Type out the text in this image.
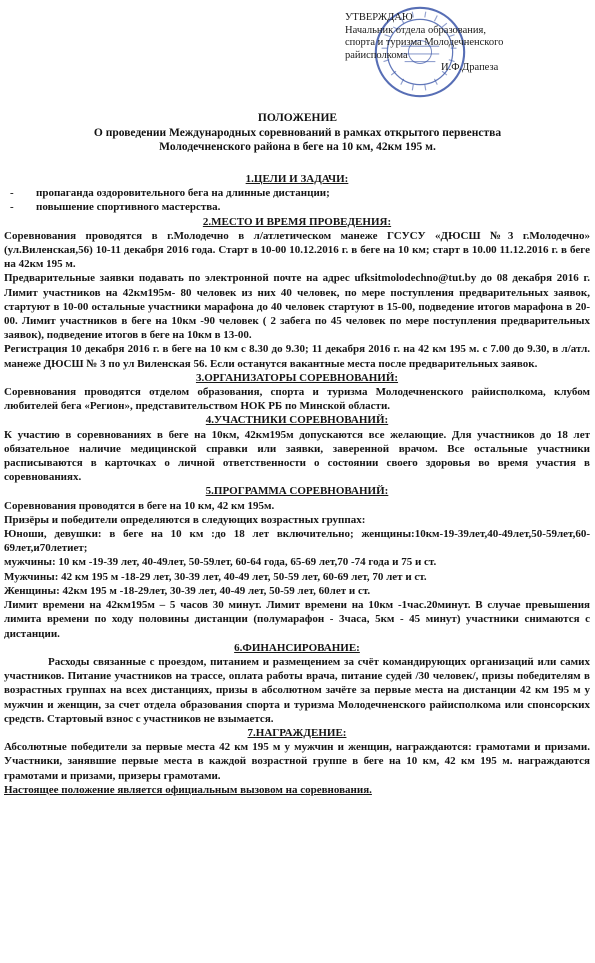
УТВЕРЖДАЮ
Начальник отдела образования,
спорта и туризма Молодечненского
райисполкома
И.Ф.Драпеза
ПОЛОЖЕНИЕ
О проведении Международных соревнований в рамках открытого первенства
Молодечненского района в беге на 10 км, 42км 195 м.
1.ЦЕЛИ И ЗАДАЧИ:
- пропаганда оздоровительного бега на длинные дистанции;
- повышение спортивного мастерства.
2.МЕСТО И ВРЕМЯ ПРОВЕДЕНИЯ:

Соревнования проводятся в г.Молодечно в л/атлетическом манеже ГСУСУ «ДЮСШ №3 г.Молодечно» (ул.Виленская,56) 10-11 декабря 2016 года. Старт в 10-00 10.12.2016 г. в беге на 10 км; старт в 10.00 11.12.2016 г. в беге на 42км 195 м.

Предварительные заявки подавать по электронной почте на адрес ufksitmolodechno@tut.by до 08 декабря 2016 г. Лимит участников на 42км195м- 80 человек из них 40 человек, по мере поступления предварительных заявок, стартуют в 10-00 остальные участники марафона до 40 человек стартуют в 15-00, подведение итогов марафона в 20-00. Лимит участников в беге на 10км -90 человек ( 2 забега по 45 человек по мере поступления предварительных заявок), подведение итогов в беге на 10км в 13-00.

Регистрация 10 декабря 2016 г. в беге на 10 км с 8.30 до 9.30; 11 декабря 2016 г. на 42 км 195 м. с 7.00 до 9.30, в л/атл. манеже ДЮСШ № 3 по ул Виленская 56. Если останутся вакантные места после предварительных заявок.

3.ОРГАНИЗАТОРЫ СОРЕВНОВАНИЙ:

Соревнования проводятся отделом образования, спорта и туризма Молодечненского райисполкома, клубом любителей бега «Регион», представительством НОК РБ по Минской области.

4.УЧАСТНИКИ СОРЕВНОВАНИЙ:

К участию в соревнованиях в беге на 10км, 42км195м допускаются все желающие. Для участников до 18 лет обязательное наличие медицинской справки или заявки, заверенной врачом. Все остальные участники расписываются в карточках о личной ответственности о состоянии своего здоровья во время участия в соревнованиях.

5.ПРОГРАММА СОРЕВНОВАНИЙ:

Соревнования проводятся в беге на 10 км, 42 км 195м.

Призёры и победители определяются в следующих возрастных группах:

Юноши, девушки: в беге на 10 км :до 18 лет включительно; женщины:10км-19-39лет,40-49лет,50-59лет,60-69лет,и70летиет;

мужчины: 10 км -19-39 лет, 40-49лет, 50-59лет, 60-64 года, 65-69 лет,70 -74 года и 75 и ст.

Мужчины: 42 км 195 м -18-29 лет, 30-39 лет, 40-49 лет, 50-59 лет, 60-69 лет, 70 лет и ст.

Женщины: 42км 195 м -18-29лет, 30-39 лет, 40-49 лет, 50-59 лет, 60лет и ст.

Лимит времени на 42км195м – 5 часов 30 минут. Лимит времени на 10км -1час.20минут. В случае превышения лимита времени по ходу половины дистанции (полумарафон - 3часа, 5км - 45 минут) участники снимаются с дистанции.

6.ФИНАНСИРОВАНИЕ:

Расходы связанные с проездом, питанием и размещением за счёт командирующих организаций или самих участников. Питание участников на трассе, оплата работы врача, питание судей /30 человек/, призы победителям в возрастных группах на всех дистанциях, призы в абсолютном зачёте за первые места на дистанции 42 км 195 м у мужчин и женщин, за счет отдела образования спорта и туризма Молодечненского райисполкома или спонсорских средств. Стартовый взнос с участников не взымается.

7.НАГРАЖДЕНИЕ:

Абсолютные победители за первые места 42 км 195 м у мужчин и женщин, награждаются: грамотами и призами. Участники, занявшие первые места в каждой возрастной группе в беге на 10 км, 42 км 195 м. награждаются грамотами и призами, призеры грамотами.

Настоящее положение является официальным вызовом на соревнования.
